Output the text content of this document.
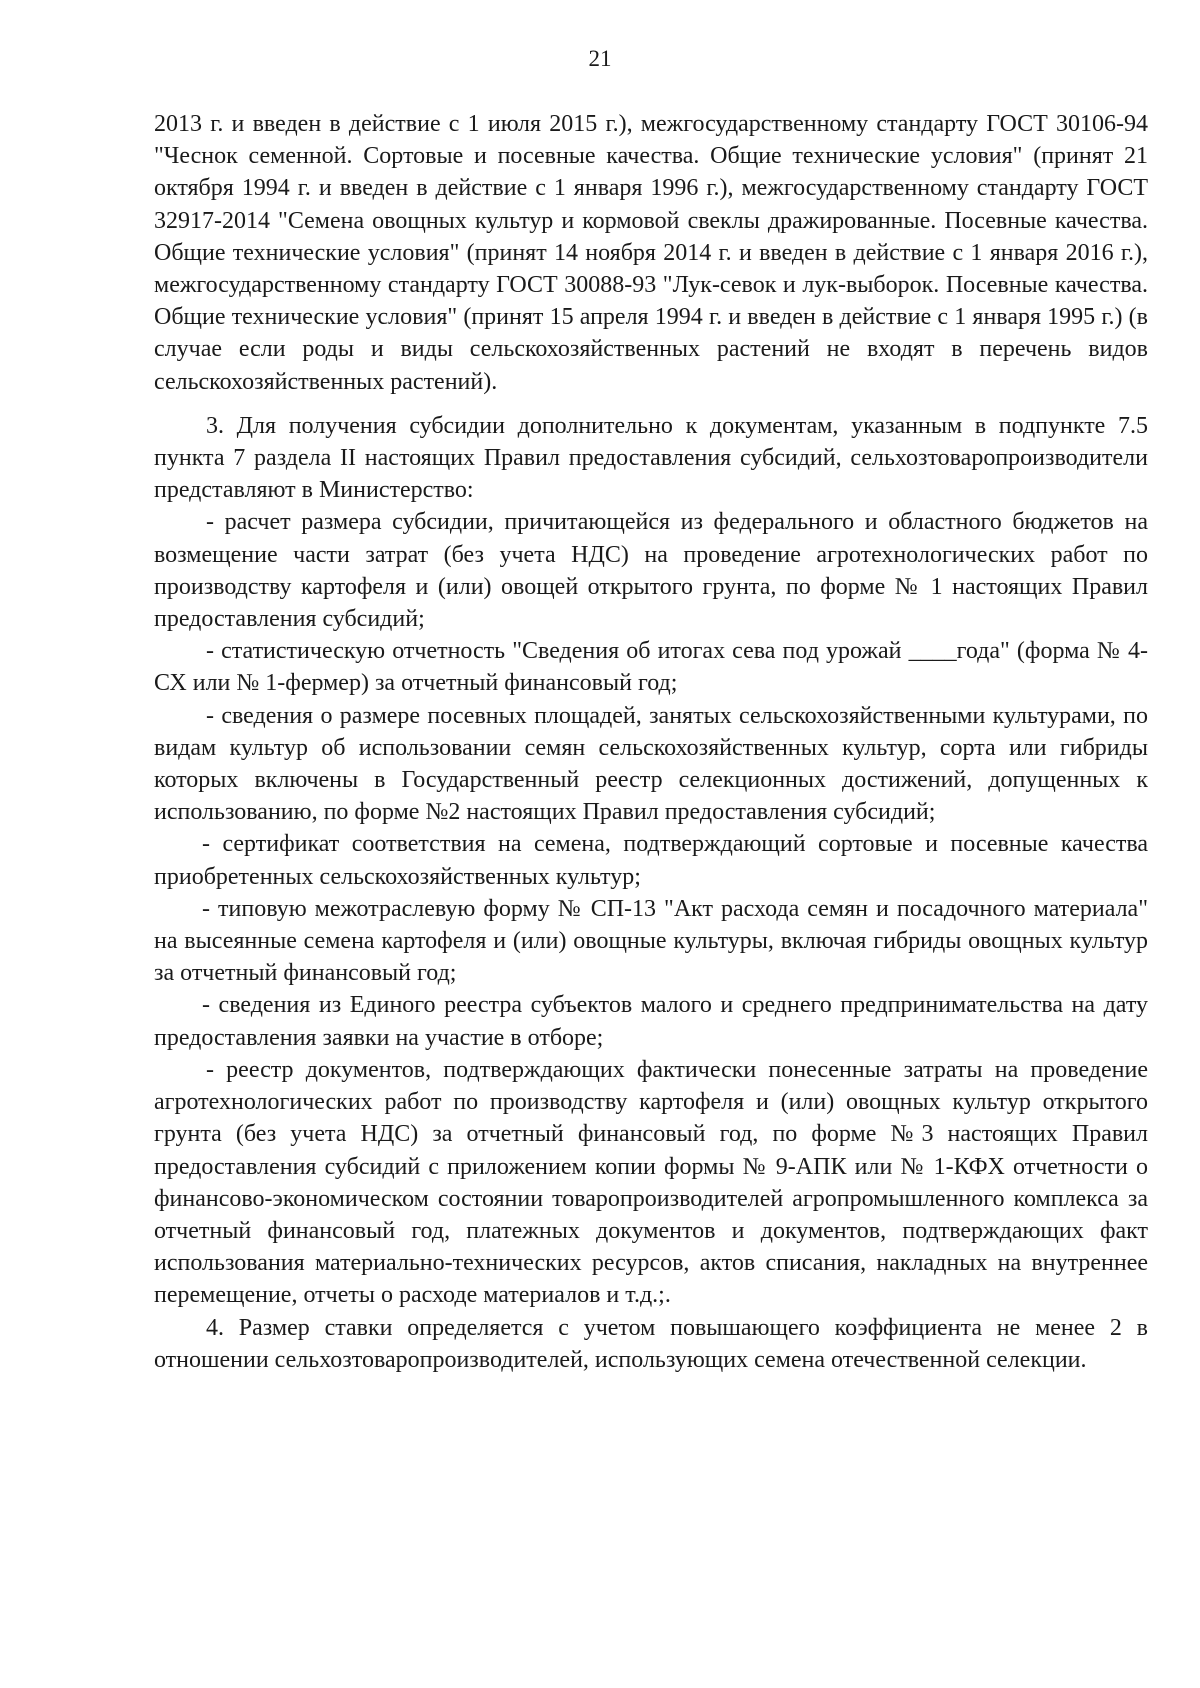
21

2013 г. и введен в действие с 1 июля 2015 г.), межгосударственному стандарту ГОСТ 30106-94 "Чеснок семенной. Сортовые и посевные качества. Общие технические условия" (принят 21 октября 1994 г. и введен в действие с 1 января 1996 г.), межгосударственному стандарту ГОСТ 32917-2014 "Семена овощных культур и кормовой свеклы дражированные. Посевные качества. Общие технические условия" (принят 14 ноября 2014 г. и введен в действие с 1 января 2016 г.), межгосударственному стандарту ГОСТ 30088-93 "Лук-севок и лук-выборок. Посевные качества. Общие технические условия" (принят 15 апреля 1994 г. и введен в действие с 1 января 1995 г.) (в случае если роды и виды сельскохозяйственных растений не входят в перечень видов сельскохозяйственных растений).

3. Для получения субсидии дополнительно к документам, указанным в подпункте 7.5 пункта 7 раздела II настоящих Правил предоставления субсидий, сельхозтоваропроизводители представляют в Министерство:

- расчет размера субсидии, причитающейся из федерального и областного бюджетов на возмещение части затрат (без учета НДС) на проведение агротехнологических работ по производству картофеля и (или) овощей открытого грунта, по форме № 1 настоящих Правил предоставления субсидий;

- статистическую отчетность "Сведения об итогах сева под урожай ____года" (форма № 4-СХ или № 1-фермер) за отчетный финансовый год;

- сведения о размере посевных площадей, занятых сельскохозяйственными культурами, по видам культур об использовании семян сельскохозяйственных культур, сорта или гибриды которых включены в Государственный реестр селекционных достижений, допущенных к использованию, по форме №2 настоящих Правил предоставления субсидий;

- сертификат соответствия на семена, подтверждающий сортовые и посевные качества приобретенных сельскохозяйственных культур;

- типовую межотраслевую форму № СП-13 "Акт расхода семян и посадочного материала" на высеянные семена картофеля и (или) овощные культуры, включая гибриды овощных культур за отчетный финансовый год;

- сведения из Единого реестра субъектов малого и среднего предпринимательства на дату предоставления заявки на участие в отборе;

- реестр документов, подтверждающих фактически понесенные затраты на проведение агротехнологических работ по производству картофеля и (или) овощных культур открытого грунта (без учета НДС) за отчетный финансовый год, по форме №3 настоящих Правил предоставления субсидий с приложением копии формы № 9-АПК или № 1-КФХ отчетности о финансово-экономическом состоянии товаропроизводителей агропромышленного комплекса за отчетный финансовый год, платежных документов и документов, подтверждающих факт использования материально-технических ресурсов, актов списания, накладных на внутреннее перемещение, отчеты о расходе материалов и т.д.;.

4. Размер ставки определяется с учетом повышающего коэффициента не менее 2 в отношении сельхозтоваропроизводителей, использующих семена отечественной селекции.
